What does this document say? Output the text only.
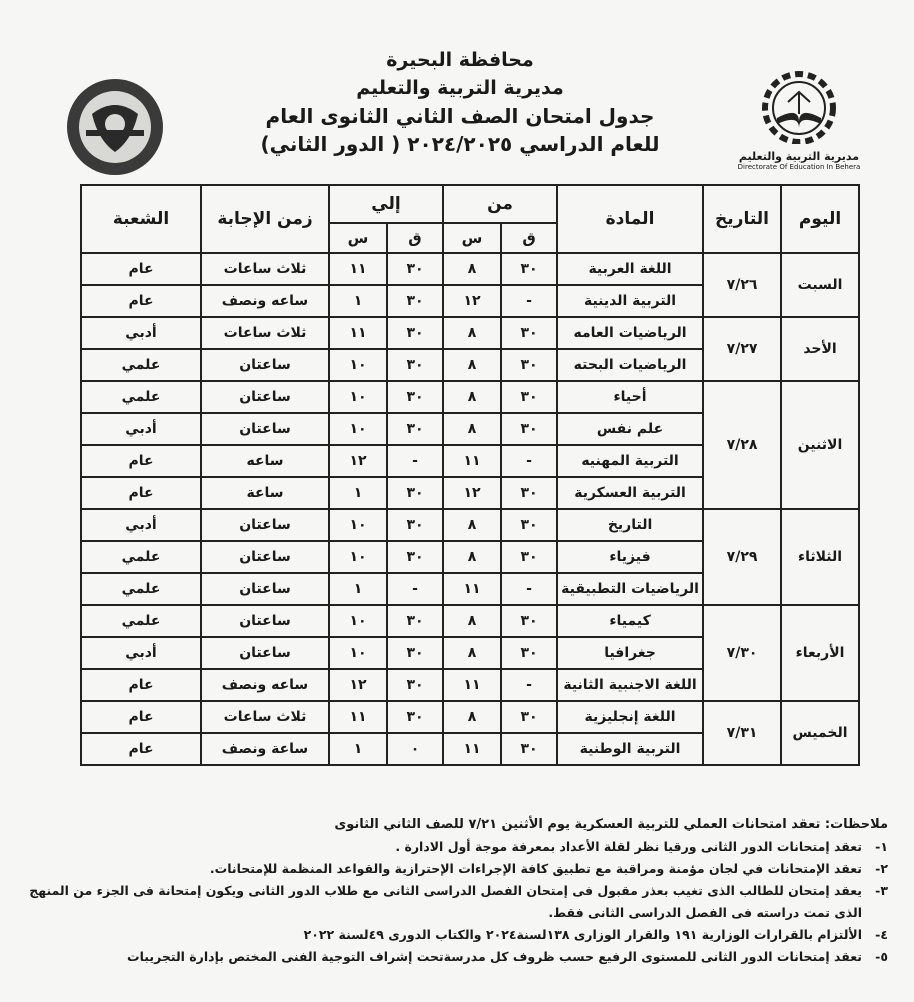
مديرية التربية والتعليم
Directorate Of Education In Behera
محافظة البحيرة
مديرية التربية والتعليم
جدول امتحان الصف الثاني الثانوى العام
للعام الدراسي ٢٠٢٤/٢٠٢٥ ( الدور الثاني)
اليوم	التاريخ	المادة	من		إلي		زمن الإجابة	الشعبة
			ق	س	ق	س		
السبت	٧/٢٦	اللغة العربية	٣٠	٨	٣٠	١١	ثلاث ساعات	عام
		التربية الدينية	-	١٢	٣٠	١	ساعه ونصف	عام
الأحد	٧/٢٧	الرياضيات العامه	٣٠	٨	٣٠	١١	ثلاث ساعات	أدبي
		الرياضيات البحته	٣٠	٨	٣٠	١٠	ساعتان	علمي
الاثنين	٧/٢٨	أحياء	٣٠	٨	٣٠	١٠	ساعتان	علمي
		علم نفس	٣٠	٨	٣٠	١٠	ساعتان	أدبي
		التربية المهنيه	-	١١	-	١٢	ساعه	عام
		التربية العسكرية	٣٠	١٢	٣٠	١	ساعة	عام
الثلاثاء	٧/٢٩	التاريخ	٣٠	٨	٣٠	١٠	ساعتان	أدبي
		فيزياء	٣٠	٨	٣٠	١٠	ساعتان	علمي
		الرياضيات التطبيقية	-	١١	-	١	ساعتان	علمي
الأربعاء	٧/٣٠	كيمياء	٣٠	٨	٣٠	١٠	ساعتان	علمي
		جغرافيا	٣٠	٨	٣٠	١٠	ساعتان	أدبي
		اللغة الاجنبية الثانية	-	١١	٣٠	١٢	ساعه ونصف	عام
الخميس	٧/٣١	اللغة إنجليزية	٣٠	٨	٣٠	١١	ثلاث ساعات	عام
		التربية الوطنية	٣٠	١١	٠	١	ساعة ونصف	عام
ملاحظات: تعقد امتحانات العملي للتربية العسكرية يوم الأثنين ٧/٢١ للصف الثاني الثانوى
١-
تعقد إمتحانات الدور الثانى ورقيا نظر لقلة الأعداد بمعرفة موجة أول الادارة .
٢-
تعقد الإمتحانات في لجان مؤمنة ومراقبة مع تطبيق كافة الإجراءات الإحترازية والقواعد المنظمة للإمتحانات.
٣-
يعقد إمتحان للطالب الذى تغيب بعذر مقبول فى إمتحان الفصل الدراسى الثانى مع طلاب الدور الثانى ويكون إمتحانة فى الجزء من المنهج الذى تمت دراسته فى الفصل الدراسى الثانى فقط.
٤-
الألتزام بالقرارات الوزارية ١٩١ والقرار الوزارى ١٣٨لسنة٢٠٢٤ والكتاب الدورى ٤٩لسنة ٢٠٢٢
٥-
تعقد إمتحانات الدور الثانى للمستوى الرفيع حسب ظروف كل مدرسةتحت إشراف التوجية الفنى المختص بإدارة التجريبات
